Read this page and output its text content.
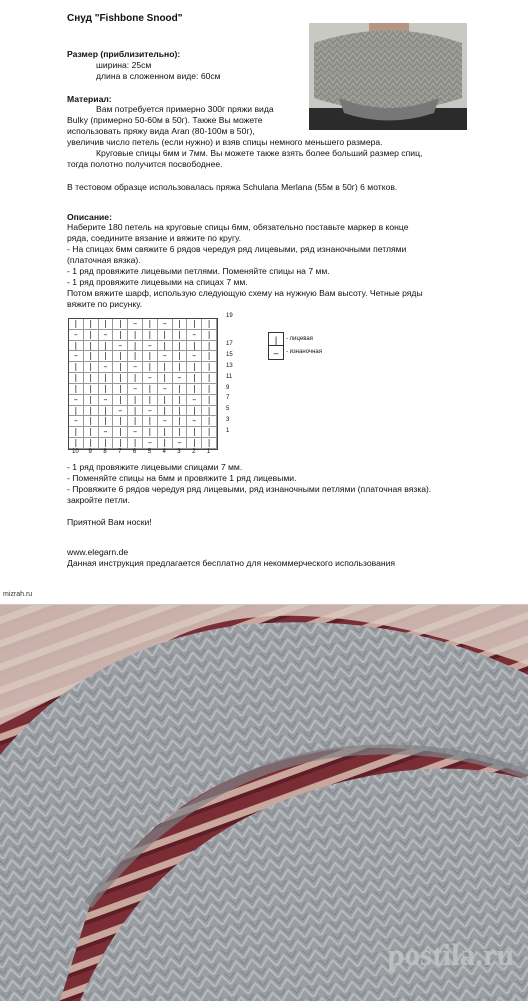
Снуд "Fishbone Snood"
Размер (приблизительно):
ширина: 25см
длина в сложенном виде: 60см
Материал:
Вам потребуется примерно 300г пряжи вида
Bulky (примерно 50-60м в 50г). Также Вы можете
использовать пряжу вида Aran (80-100м в 50г),
увеличив число петель (если нужно) и взяв спицы немного меньшего размера.
Круговые спицы 6мм и 7мм. Вы можете также взять более больший размер спиц,
тогда полотно получится посвободнее.
В тестовом образце использовалась пряжа Schulana Merlana (55м в 50г) 6 мотков.
Описание:
Наберите 180 петель на круговые спицы 6мм, обязательно поставьте маркер в конце
ряда, соедините вязание и вяжите по кругу.
- На спицах 6мм свяжите 6 рядов чередуя ряд лицевыми, ряд изнаночными петлями
(платочная вязка).
- 1 ряд провяжите лицевыми петлями. Поменяйте спицы на 7 мм.
- 1 ряд провяжите лицевыми на спицах 7 мм.
Потом вяжите шарф, использую следующую схему на нужную Вам высоту. Четные ряды
вяжите по рисунку.
|	|	|	|	–	|	–	|	|	|
–	|	–	|	|	|	|	|	–	|
|	|	|	–	|	–	|	|	|	|
–	|	|	|	|	|	–	|	–	|
|	|	–	|	–	|	|	|	|	|
|	|	|	|	|	–	|	–	|	|
|	|	|	|	–	|	–	|	|	|
–	|	–	|	|	|	|	|	–	|
|	|	|	–	|	–	|	|	|	|
–	|	|	|	|	|	–	|	–	|
|	|	–	|	–	|	|	|	|	|
|	|	|	|	|	–	|	–	|	|
19
17
15
13
11
9
7
5
3
1
10	9	8	7	6	5	4	3	2	1
|	- лицевая
–	- изнаночная
- 1 ряд провяжите лицевыми спицами 7 мм.
- Поменяйте спицы на 6мм и провяжите 1 ряд лицевыми.
- Провяжите 6 рядов чередуя ряд лицевыми, ряд изнаночными петлями (платочная вязка).
закройте петли.
Приятной Вам носки!
www.elegarn.de
Данная инструкция предлагается бесплатно для некоммерческого использования
mizrah.ru
postila.ru
